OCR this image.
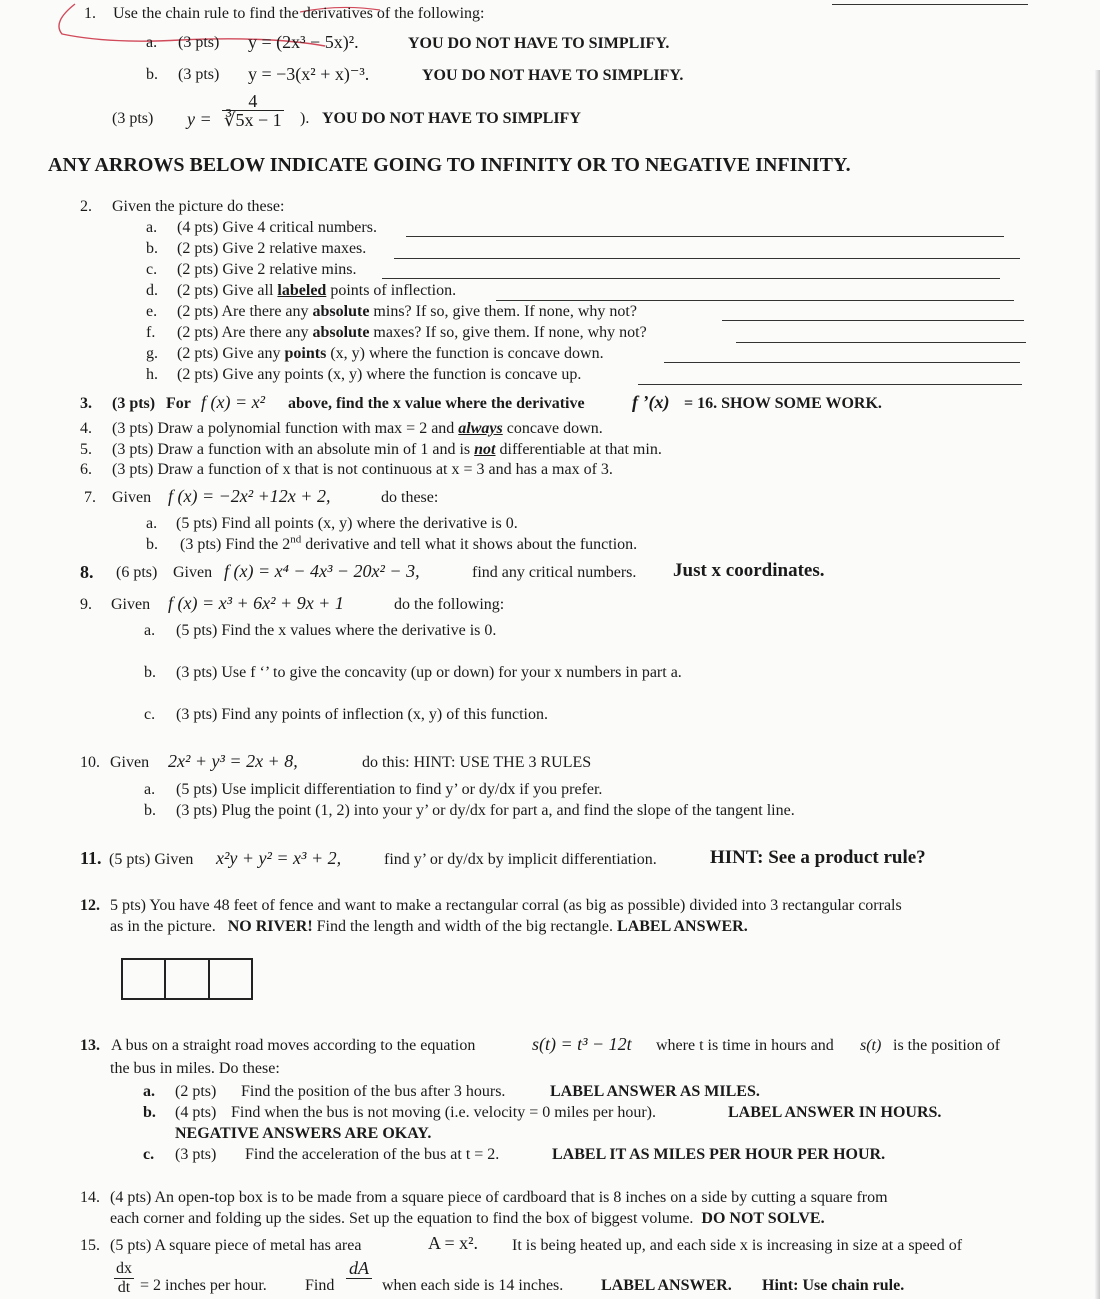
1. Use the chain rule to find the derivatives of the following:
a. (3 pts) y = (2x³ − 5x)².	YOU DO NOT HAVE TO SIMPLIFY.
b. (3 pts) y = −3(x² + x)⁻³.	YOU DO NOT HAVE TO SIMPLIFY.
(3 pts) $y = \frac{4}{∛5x - 1}$ ). YOU DO NOT HAVE TO SIMPLIFY
ANY ARROWS BELOW INDICATE GOING TO INFINITY OR TO NEGATIVE INFINITY.
2. Given the picture do these:
a. (4 pts) Give 4 critical numbers.
b. (2 pts) Give 2 relative maxes.
c. (2 pts) Give 2 relative mins.
d. (2 pts) Give all labeled points of inflection.
e. (2 pts) Are there any absolute mins? If so, give them. If none, why not?
f. (2 pts) Are there any absolute maxes? If so, give them. If none, why not?
g. (2 pts) Give any points (x, y) where the function is concave down.
h. (2 pts) Give any points (x, y) where the function is concave up.
3. (3 pts) For f (x) = x² above, find the x value where the derivative	f ’(x) = 16. SHOW SOME WORK.
4. (3 pts) Draw a polynomial function with max = 2 and always concave down.
5. (3 pts) Draw a function with an absolute min of 1 and is not differentiable at that min.
6. (3 pts) Draw a function of x that is not continuous at x = 3 and has a max of 3.
7. Given f (x) = −2x² +12x + 2,	do these:
a. (5 pts) Find all points (x, y) where the derivative is 0.
b. (3 pts) Find the 2nd derivative and tell what it shows about the function.
8. (6 pts) Given f (x) = x⁴ − 4x³ − 20x² − 3,	find any critical numbers. Just x coordinates.
9. Given f (x) = x³ + 6x² + 9x + 1	do the following:
a. (5 pts) Find the x values where the derivative is 0.
b. (3 pts) Use f ‘’ to give the concavity (up or down) for your x numbers in part a.
c. (3 pts) Find any points of inflection (x, y) of this function.
10. Given 2x² + y³ = 2x + 8,	do this: HINT: USE THE 3 RULES
a. (5 pts) Use implicit differentiation to find y’ or dy/dx if you prefer.
b. (3 pts) Plug the point (1, 2) into your y’ or dy/dx for part a, and find the slope of the tangent line.
11. (5 pts) Given x²y + y² = x³ + 2,	find y’ or dy/dx by implicit differentiation.	HINT: See a product rule?
12. 5 pts) You have 48 feet of fence and want to make a rectangular corral (as big as possible) divided into 3 rectangular corrals
as in the picture. NO RIVER! Find the length and width of the big rectangle. LABEL ANSWER.
13. A bus on a straight road moves according to the equation	s(t) = t³ − 12t where t is time in hours and s(t) is the position of
the bus in miles. Do these:
a. (2 pts) Find the position of the bus after 3 hours.	LABEL ANSWER AS MILES.
b. (4 pts) Find when the bus is not moving (i.e. velocity = 0 miles per hour).	LABEL ANSWER IN HOURS.
NEGATIVE ANSWERS ARE OKAY.
c. (3 pts) Find the acceleration of the bus at t = 2.	LABEL IT AS MILES PER HOUR PER HOUR.
14. (4 pts) An open-top box is to be made from a square piece of cardboard that is 8 inches on a side by cutting a square from
each corner and folding up the sides. Set up the equation to find the box of biggest volume. DO NOT SOLVE.
15. (5 pts) A square piece of metal has area	A = x². It is being heated up, and each side x is increasing in size at a speed of
$\frac{dx}{dt} = 2$ inches per hour. Find
dA
when each side is 14 inches. LABEL ANSWER. Hint: Use chain rule.
